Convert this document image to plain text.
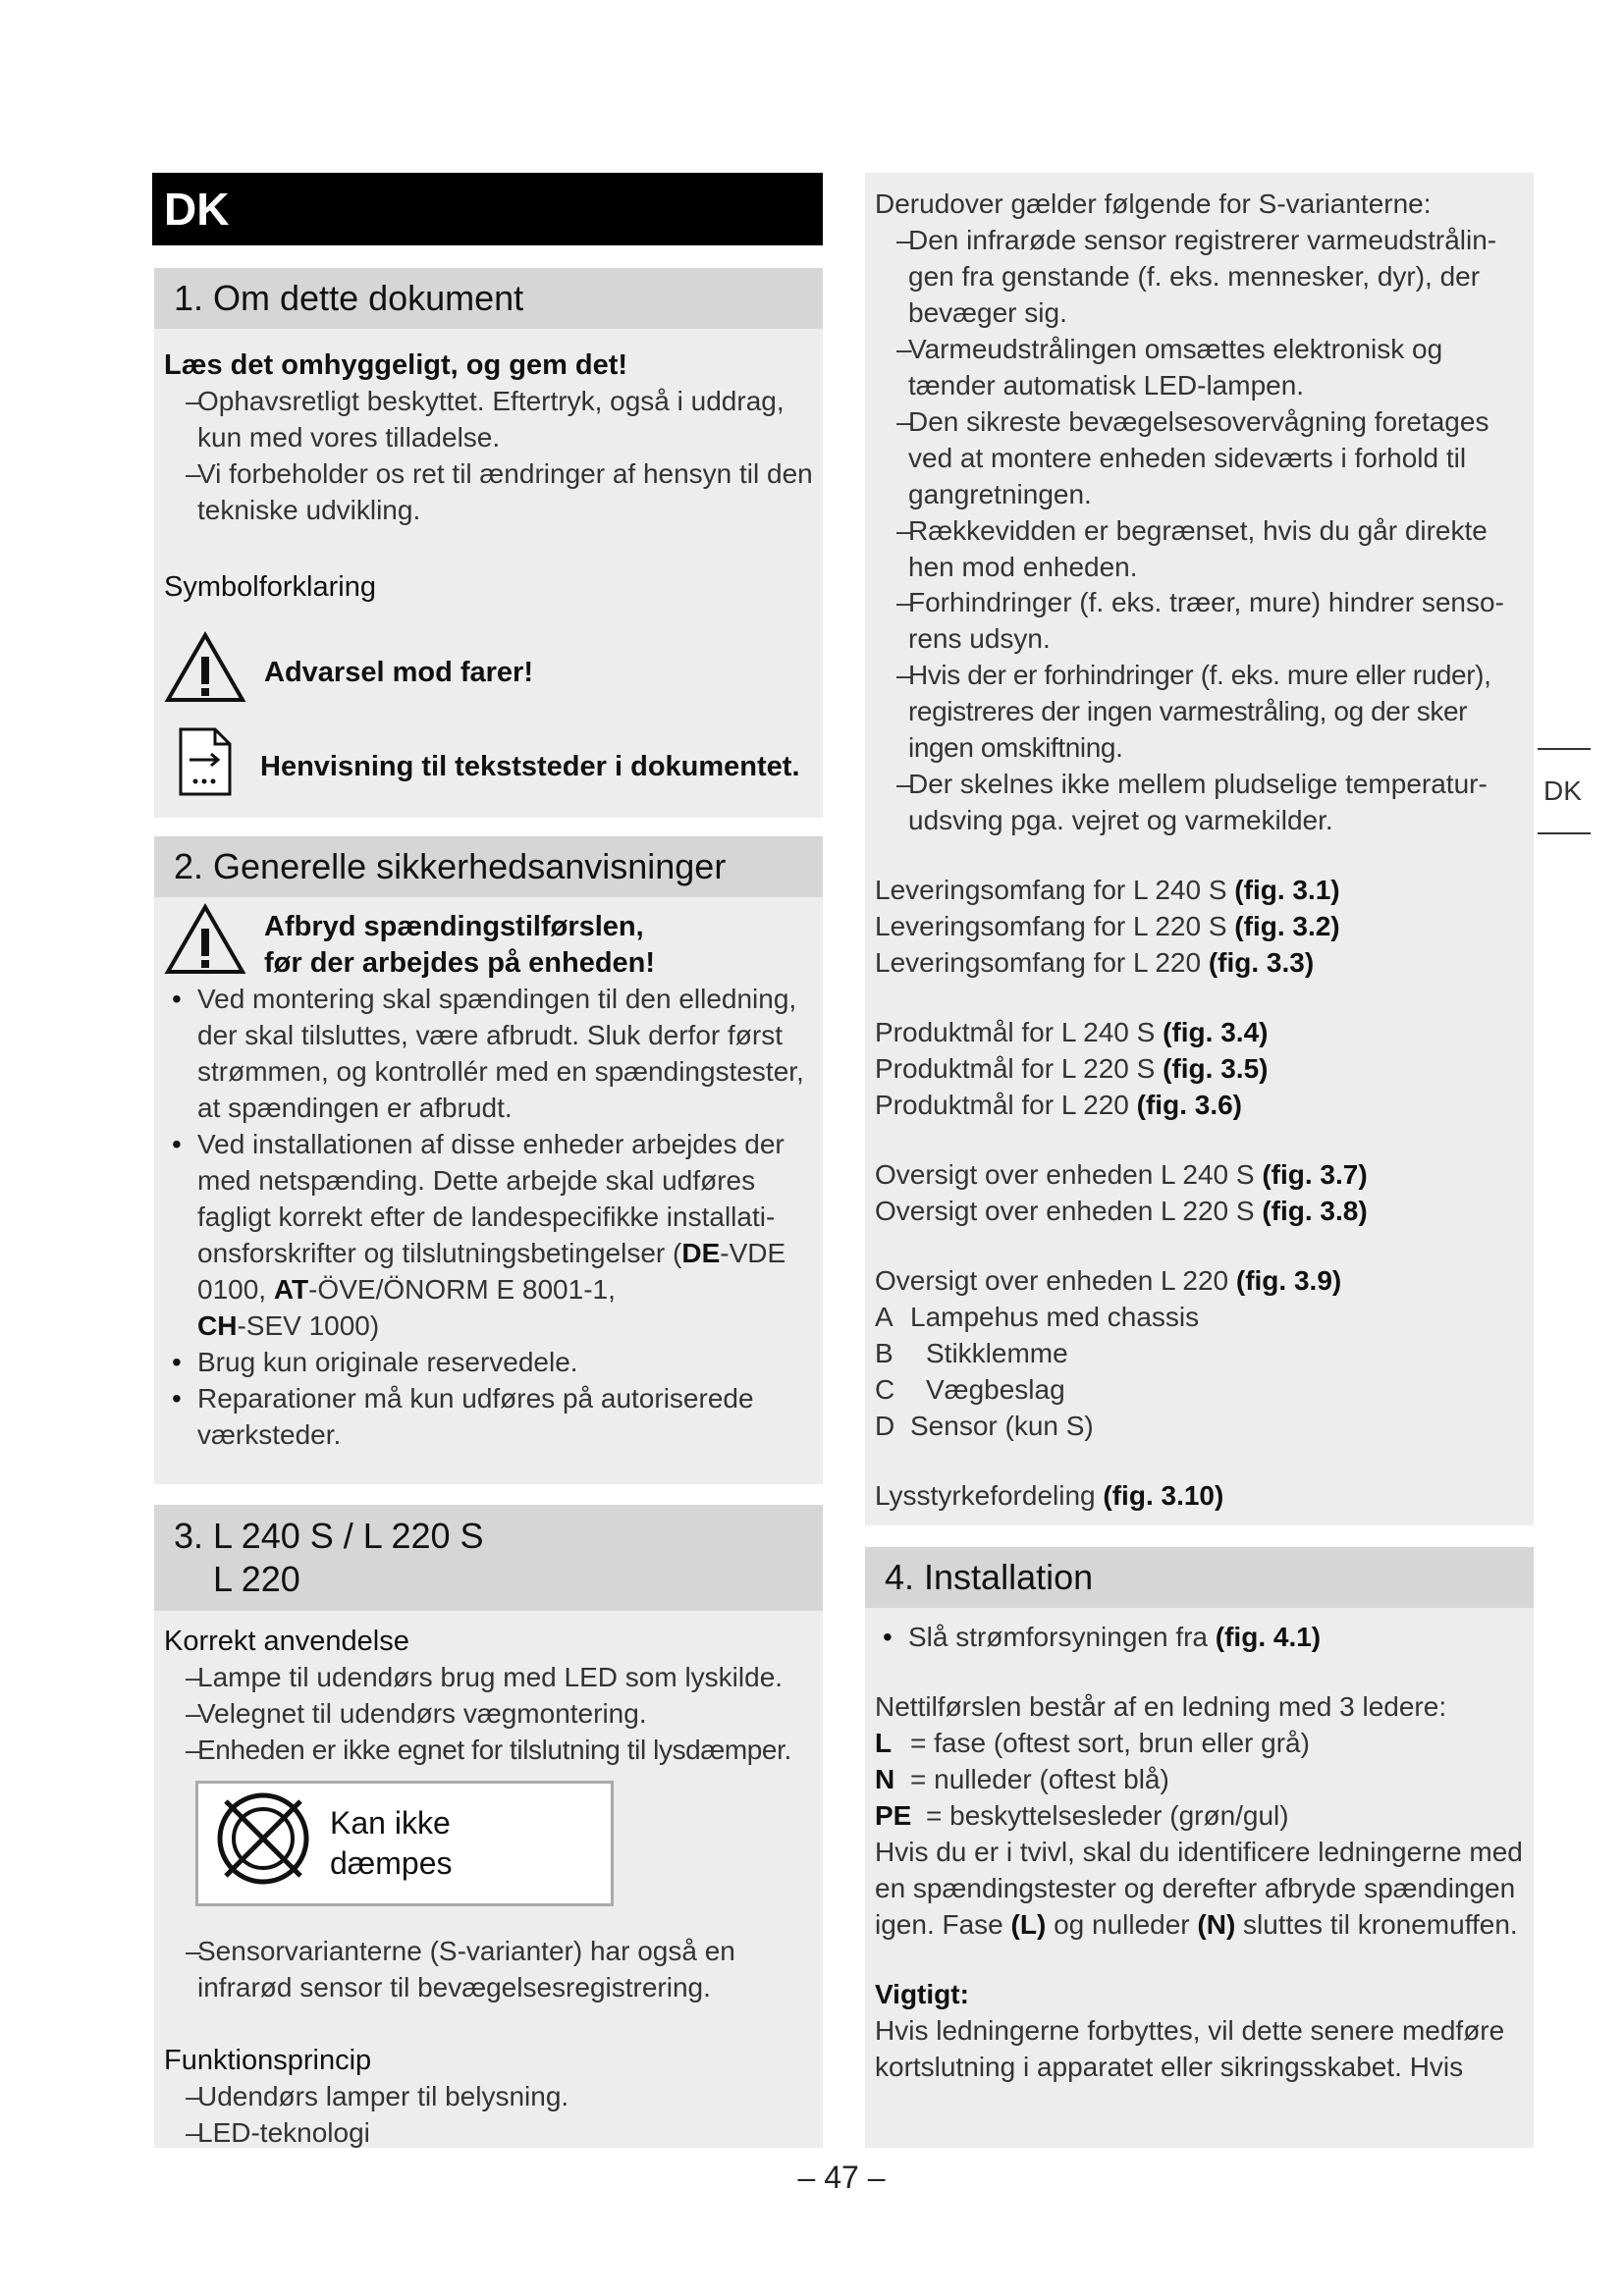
DK
DK
1. Om dette dokument
Læs det omhyggeligt, og gem det!
– Ophavsretligt beskyttet. Eftertryk, også i uddrag, kun med vores tilladelse.
– Vi forbeholder os ret til ændringer af hensyn til den tekniske udvikling.
Symbolforklaring
Advarsel mod farer!
Henvisning til tekststeder i dokumentet.
2. Generelle sikkerhedsanvisninger
Afbryd spændingstilførslen,
før der arbejdes på enheden!
• Ved montering skal spændingen til den elledning, der skal tilsluttes, være afbrudt. Sluk derfor først strømmen, og kontrollér med en spændingstester, at spændingen er afbrudt.
• Ved installationen af disse enheder arbejdes der med netspænding. Dette arbejde skal udføres fagligt korrekt efter de landespecifikke installationsforskrifter og tilslutningsbetingelser (DE-VDE 0100, AT-ÖVE/ÖNORM E 8001-1,
CH-SEV 1000)
• Brug kun originale reservedele.
• Reparationer må kun udføres på autoriserede værksteder.
3. L 240 S / L 220 S
L 220
Korrekt anvendelse
– Lampe til udendørs brug med LED som lyskilde.
– Velegnet til udendørs vægmontering.
– Enheden er ikke egnet for tilslutning til lysdæmper.
Kan ikke
dæmpes
– Sensorvarianterne (S-varianter) har også en infrarød sensor til bevægelsesregistrering.
Funktionsprincip
– Udendørs lamper til belysning.
– LED-teknologi

Derudover gælder følgende for S-varianterne:

– Den infrarøde sensor registrerer varmeudstrålingen fra genstande (f. eks. mennesker, dyr), der bevæger sig.
– Varmeudstrålingen omsættes elektronisk og tænder automatisk LED-lampen.
– Den sikreste bevægelsesovervågning foretages ved at montere enheden sideværts i forhold til gangretningen.
– Rækkevidden er begrænset, hvis du går direkte hen mod enheden.
– Forhindringer (f. eks. træer, mure) hindrer sensorens udsyn.
– Hvis der er forhindringer (f. eks. mure eller ruder), registreres der ingen varmestråling, og der sker ingen omskiftning.
– Der skelnes ikke mellem pludselige temperaturudsving pga. vejret og varmekilder.

Leveringsomfang for L 240 S (fig. 3.1)

Leveringsomfang for L 220 S (fig. 3.2)

Leveringsomfang for L 220 (fig. 3.3)

Produktmål for L 240 S (fig. 3.4)

Produktmål for L 220 S (fig. 3.5)

Produktmål for L 220 (fig. 3.6)

Oversigt over enheden L 240 S (fig. 3.7)

Oversigt over enheden L 220 S (fig. 3.8)

Oversigt over enheden L 220 (fig. 3.9)

A Lampehus med chassis

B Stikklemme

C Vægbeslag

D Sensor (kun S)

Lysstyrkefordeling (fig. 3.10)

4. Installation
• Slå strømforsyningen fra (fig. 4.1)

Nettilførslen består af en ledning med 3 ledere:

L = fase (oftest sort, brun eller grå)

N = nulleder (oftest blå)

PE = beskyttelsesleder (grøn/gul)

Hvis du er i tvivl, skal du identificere ledningerne med en spændingstester og derefter afbryde spændingen igen. Fase (L) og nulleder (N) sluttes til kronemuffen.

Vigtigt:

Hvis ledningerne forbyttes, vil dette senere medføre kortslutning i apparatet eller sikringsskabet. Hvis

– 47 –
